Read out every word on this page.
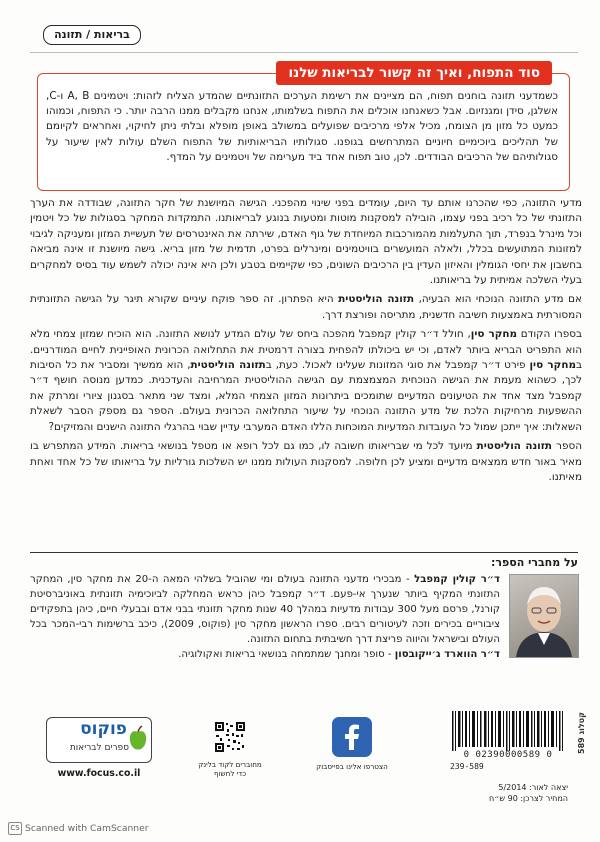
בריאות / תזונה
סוד התפוח, ואיך זה קשור לבריאות שלנו
כשמדעני תזונה בוחנים תפוח, הם מציינים את רשימת הערכים התזונתיים שהמדע הצליח לזהות: ויטמינים A, B ו-C, אשלגן, סידן ומגנזיום. אבל כשאנחנו אוכלים את התפוח בשלמותו, אנחנו מקבלים ממנו הרבה יותר. כי התפוח, וכמוהו כמעט כל מזון מן הצומח, מכיל אלפי מרכיבים שפועלים במשולב באופן מופלא ובלתי ניתן לחיקוי, ואחראים לקיומם של תהליכים ביוכימיים חיוניים המתרחשים בגופנו. סגולותיו הבריאותיות של התפוח השלם עולות לאין שיעור על סגולותיהם של הרכיבים הבודדים. לכן, טוב תפוח אחד ביד מערימה של ויטמינים על המדף.

מדעי התזונה, כפי שהכרנו אותם עד היום, עומדים בפני שינוי מהפכני. הגישה המיושנת של חקר התזונה, שבודדה את הערך התזונתי של כל רכיב בפני עצמו, הובילה למסקנות מוטות ומטעות בנוגע לבריאותנו. התמקדות המחקר בסגולות של כל ויטמין וכל מינרל בנפרד, תוך התעלמות מהמורכבות המיוחדת של גוף האדם, שירתה את האינטרסים של תעשיית המזון ומעניקה לגיבוי למזונות המתועשים בכלל, ולאלה המועשרים בוויטמינים ומינרלים בפרט, תדמית של מזון בריא. גישה מיושנת זו אינה מביאה בחשבון את יחסי הגומלין והאיזון העדין בין הרכיבים השונים, כפי שקיימים בטבע ולכן היא אינה יכולה לשמש עוד בסיס למחקרים בעלי השלכה אמיתית על בריאותנו.

אם מדע התזונה הנוכחי הוא הבעיה, תזונה הוליסטית היא הפתרון. זה ספר פוקח עיניים שקורא תיגר על הגישה התזונתית המסורתית באמצעות חשיבה חדשנית, מתריסה ופורצת דרך.

בספרו הקודם מחקר סין, חולל ד״ר קולין קמפבל מהפכה ביחס של עולם המדע לנושא התזונה. הוא הוכיח שמזון צמחי מלא הוא התפריט הבריא ביותר לאדם, וכי יש ביכולתו להפחית בצורה דרמטית את התחלואה הכרונית האופיינית לחיים המודרניים. במחקר סין פירט ד״ר קמפבל את סוגי המזונות שעלינו לאכול. כעת, בתזונה הוליסטית, הוא ממשיך ומסביר את כל הסיבות לכך, כשהוא מעמת את הגישה הנוכחית המצמצמת עם הגישה ההוליסטית המרחיבה והעדכנית. כמדען מנוסה חושף ד״ר קמפבל מצד אחד את הטיעונים המדעיים שתומכים ביתרונות המזון הצמחי המלא, ומצד שני מתאר בסגנון ציורי ומרתק את ההשפעות מרחיקות הלכת של מדע התזונה הנוכחי על שיעור התחלואה הכרונית בעולם. הספר גם מספק הסבר לשאלת השאלות: איך ייתכן שמול כל העובדות המדעיות המוכחות הללו האדם המערבי עדיין שבוי בהרגלי התזונה הישנים והמזיקים?

הספר תזונה הוליסטית מיועד לכל מי שבריאותו חשובה לו, כמו גם לכל רופא או מטפל בנושאי בריאות. המידע המתפרש בו מאיר באור חדש ממצאים מדעיים ומציע לכן חלופה. למסקנות העולות ממנו יש השלכות גורליות על בריאותו של כל אחד ואחת מאיתנו.

על מחברי הספר:
ד״ר קולין קמפבל - מבכירי מדעני התזונה בעולם ומי שהוביל בשלהי המאה ה-20 את מחקר סין, המחקר התזונתי המקיף ביותר שנערך אי-פעם. ד״ר קמפבל כיהן כראש המחלקה לביוכימיה תזונתית באוניברסיטת קורנל, פרסם מעל 300 עבודות מדעיות במהלך 40 שנות מחקר תזונתי בבני אדם ובבעלי חיים, כיהן בתפקידים ציבוריים בכירים וזכה לעיטורים רבים. ספרו הראשון מחקר סין (פוקוס, 2009), כיכב ברשימות רבי-המכר בכל העולם ובישראל והיווה פריצת דרך חשיבתית בתחום התזונה.
ד״ר הווארד ג׳ייקובסון - סופר ומחנך שמתמחה בנושאי בריאות ואקולוגיה.
פוקוס
ספרים לבריאות
www.focus.co.il
מחוברים לקוד בלינק כדי לחשוף
הצטרפו אלינו בפייסבוק
0 02390000589 0
239-589
קטלוג 589
יצאה לאור: 5/2014
המחיר לצרכן: 90 ש״ח
CS Scanned with CamScanner
